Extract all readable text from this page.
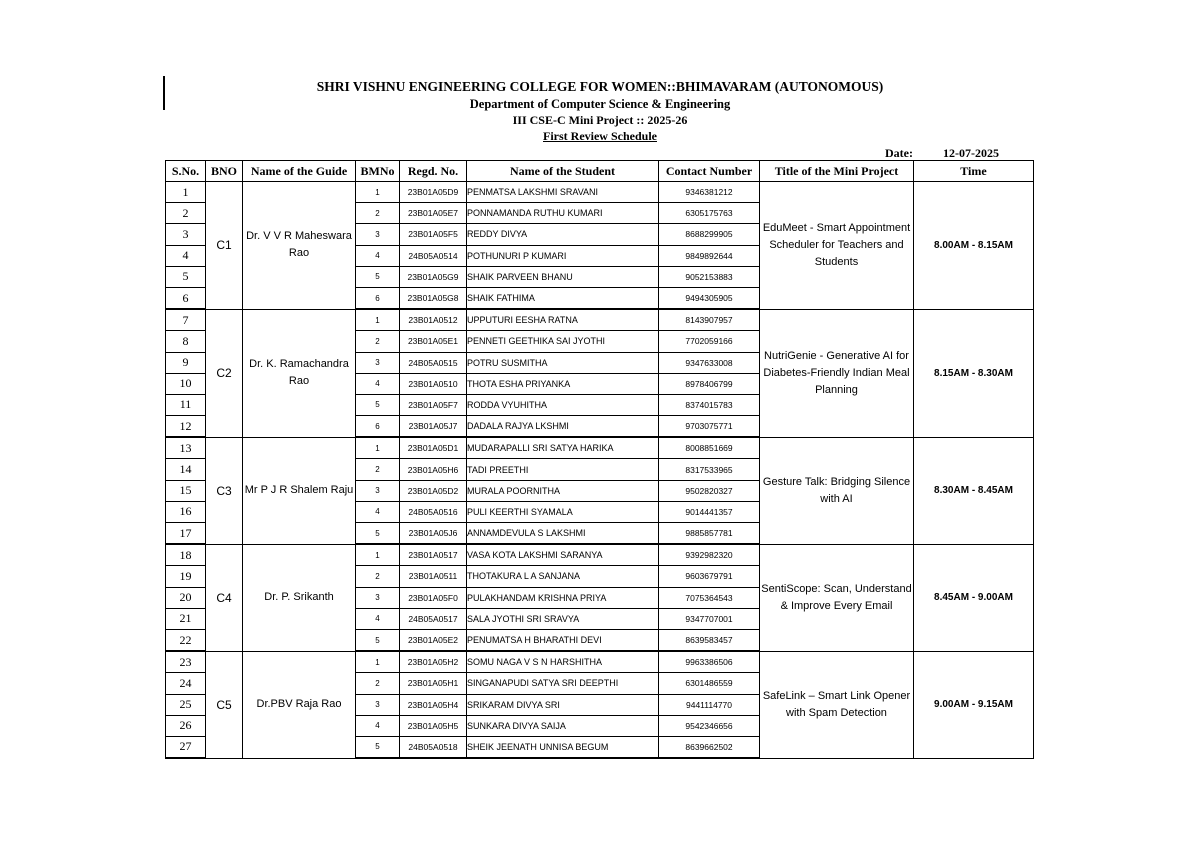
SHRI VISHNU ENGINEERING COLLEGE FOR WOMEN::BHIMAVARAM (AUTONOMOUS)
Department of Computer Science & Engineering
III CSE-C Mini Project :: 2025-26
First Review Schedule
Date:	12-07-2025
S.No.	BNO	Name of the Guide	BMNo	Regd. No.	Name of the Student	Contact Number	Title of the Mini Project	Time
1	C1	Dr. V V R Maheswara Rao	1	23B01A05D9	PENMATSA LAKSHMI SRAVANI	9346381212	EduMeet - Smart Appointment Scheduler for Teachers and Students	8.00AM - 8.15AM
2			2	23B01A05E7	PONNAMANDA RUTHU KUMARI	6305175763		
3			3	23B01A05F5	REDDY DIVYA	8688299905		
4			4	24B05A0514	POTHUNURI P KUMARI	9849892644		
5			5	23B01A05G9	SHAIK PARVEEN BHANU	9052153883		
6			6	23B01A05G8	SHAIK FATHIMA	9494305905		
7	C2	Dr. K. Ramachandra Rao	1	23B01A0512	UPPUTURI EESHA RATNA	8143907957	NutriGenie - Generative AI for Diabetes-Friendly Indian Meal Planning	8.15AM - 8.30AM
8			2	23B01A05E1	PENNETI GEETHIKA SAI JYOTHI	7702059166		
9			3	24B05A0515	POTRU SUSMITHA	9347633008		
10			4	23B01A0510	THOTA ESHA PRIYANKA	8978406799		
11			5	23B01A05F7	RODDA VYUHITHA	8374015783		
12			6	23B01A05J7	DADALA RAJYA LKSHMI	9703075771		
13	C3	Mr P J R Shalem Raju	1	23B01A05D1	MUDARAPALLI SRI SATYA HARIKA	8008851669	Gesture Talk: Bridging Silence with AI	8.30AM - 8.45AM
14			2	23B01A05H6	TADI PREETHI	8317533965		
15			3	23B01A05D2	MURALA POORNITHA	9502820327		
16			4	24B05A0516	PULI KEERTHI SYAMALA	9014441357		
17			5	23B01A05J6	ANNAMDEVULA S LAKSHMI	9885857781		
18	C4	Dr. P. Srikanth	1	23B01A0517	VASA KOTA LAKSHMI SARANYA	9392982320	SentiScope: Scan, Understand & Improve Every Email	8.45AM - 9.00AM
19			2	23B01A0511	THOTAKURA L A SANJANA	9603679791		
20			3	23B01A05F0	PULAKHANDAM KRISHNA PRIYA	7075364543		
21			4	24B05A0517	SALA JYOTHI SRI SRAVYA	9347707001		
22			5	23B01A05E2	PENUMATSA H BHARATHI DEVI	8639583457		
23	C5	Dr.PBV Raja Rao	1	23B01A05H2	SOMU NAGA V S N HARSHITHA	9963386506	SafeLink – Smart Link Opener with Spam Detection	9.00AM - 9.15AM
24			2	23B01A05H1	SINGANAPUDI SATYA SRI DEEPTHI	6301486559		
25			3	23B01A05H4	SRIKARAM DIVYA SRI	9441114770		
26			4	23B01A05H5	SUNKARA DIVYA SAIJA	9542346656		
27			5	24B05A0518	SHEIK JEENATH UNNISA BEGUM	8639662502		
